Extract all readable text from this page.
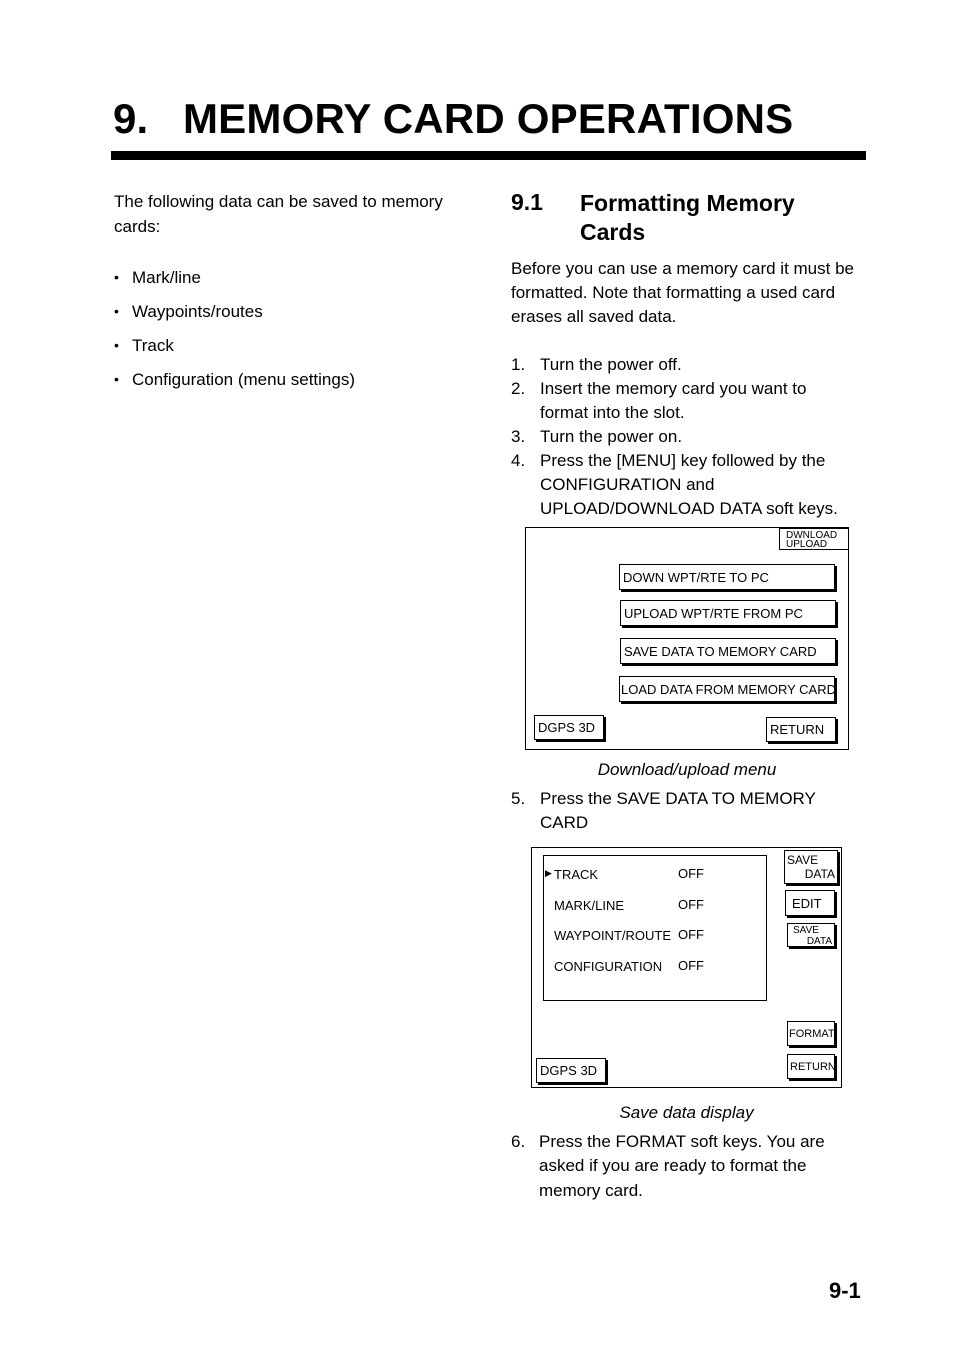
9. MEMORY CARD OPERATIONS
The following data can be saved to memory cards:
• Mark/line
• Waypoints/routes
• Track
• Configuration (menu settings)
9.1 Formatting Memory Cards
Before you can use a memory card it must be formatted. Note that formatting a used card erases all saved data.
1. Turn the power off.
2. Insert the memory card you want to
format into the slot.
3. Turn the power on.
4. Press the [MENU] key followed by the
CONFIGURATION and
UPLOAD/DOWNLOAD DATA soft keys.
DWNLOAD
UPLOAD
DOWN WPT/RTE TO PC
UPLOAD WPT/RTE FROM PC
SAVE DATA TO MEMORY CARD
LOAD DATA FROM MEMORY CARD
DGPS 3D	RETURN
Download/upload menu
5. Press the SAVE DATA TO MEMORY
CARD
▶ TRACK	OFF
MARK/LINE	OFF
WAYPOINT/ROUTE OFF
CONFIGURATION OFF
SAVE
DATA
EDIT
SAVE
DATA
FORMAT
RETURN
DGPS 3D
Save data display
6. Press the FORMAT soft keys. You are
asked if you are ready to format the
memory card.
9-1
